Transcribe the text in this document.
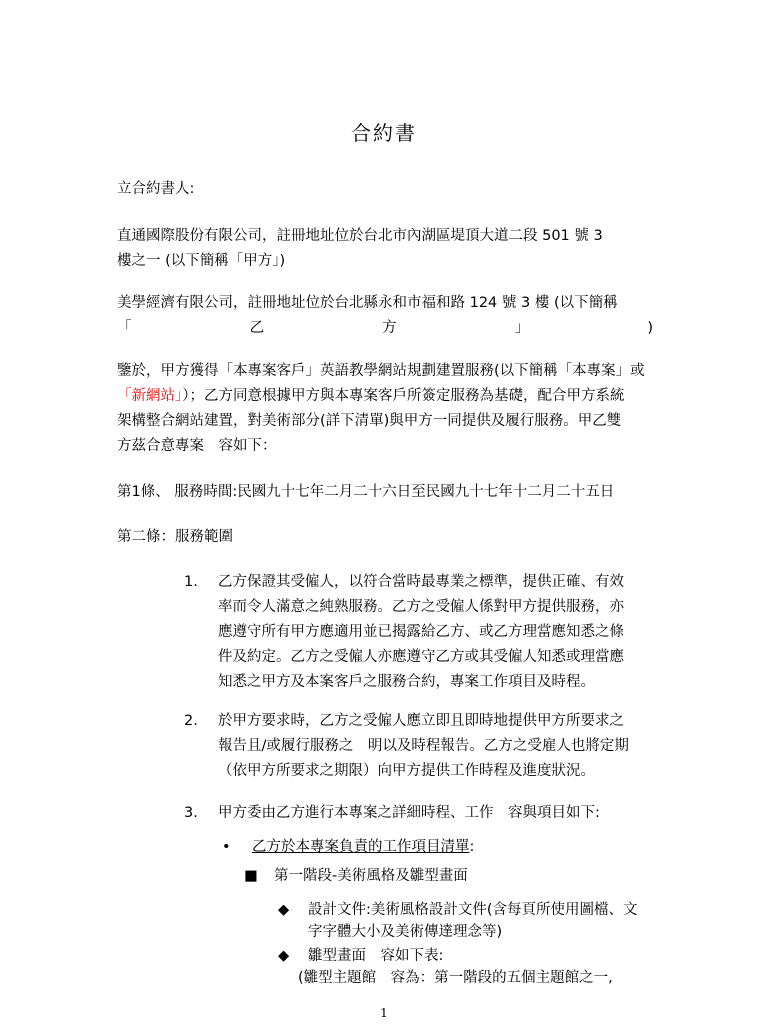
合約書
立合約書人:
直通國際股份有限公司，註冊地址位於台北市內湖區堤頂大道二段 501 號 3
樓之一 (以下簡稱「甲方」)
美學經濟有限公司，註冊地址位於台北縣永和市福和路 124 號 3 樓 (以下簡稱
「	乙	方	」	)
鑒於，甲方獲得「本專案客戶」英語教學網站規劃建置服務(以下簡稱「本專案」或
「新網站」）；乙方同意根據甲方與本專案客戶所簽定服務為基礎，配合甲方系統
架構整合網站建置，對美術部分(詳下清單)與甲方一同提供及履行服務。甲乙雙
方茲合意專案　容如下：
第1條、 服務時間:民國九十七年二月二十六日至民國九十七年十二月二十五日
第二條：服務範圍
1. 乙方保證其受僱人，以符合當時最專業之標準，提供正確、有效
率而令人滿意之純熟服務。乙方之受僱人係對甲方提供服務，亦
應遵守所有甲方應適用並已揭露給乙方、或乙方理當應知悉之條
件及約定。乙方之受僱人亦應遵守乙方或其受僱人知悉或理當應
知悉之甲方及本案客戶之服務合約，專案工作項目及時程。
2. 於甲方要求時，乙方之受僱人應立即且即時地提供甲方所要求之
報告且/或履行服務之　明以及時程報告。乙方之受雇人也將定期
（依甲方所要求之期限）向甲方提供工作時程及進度狀況。
3. 甲方委由乙方進行本專案之詳細時程、工作　容與項目如下:
• 乙方於本專案負責的工作項目清單:
■ 第一階段-美術風格及雛型畫面
◆ 設計文件:美術風格設計文件(含每頁所使用圖檔、文
字字體大小及美術傳達理念等)
◆ 雛型畫面　容如下表:
(雛型主題館　容為：第一階段的五個主題館之一,
1
